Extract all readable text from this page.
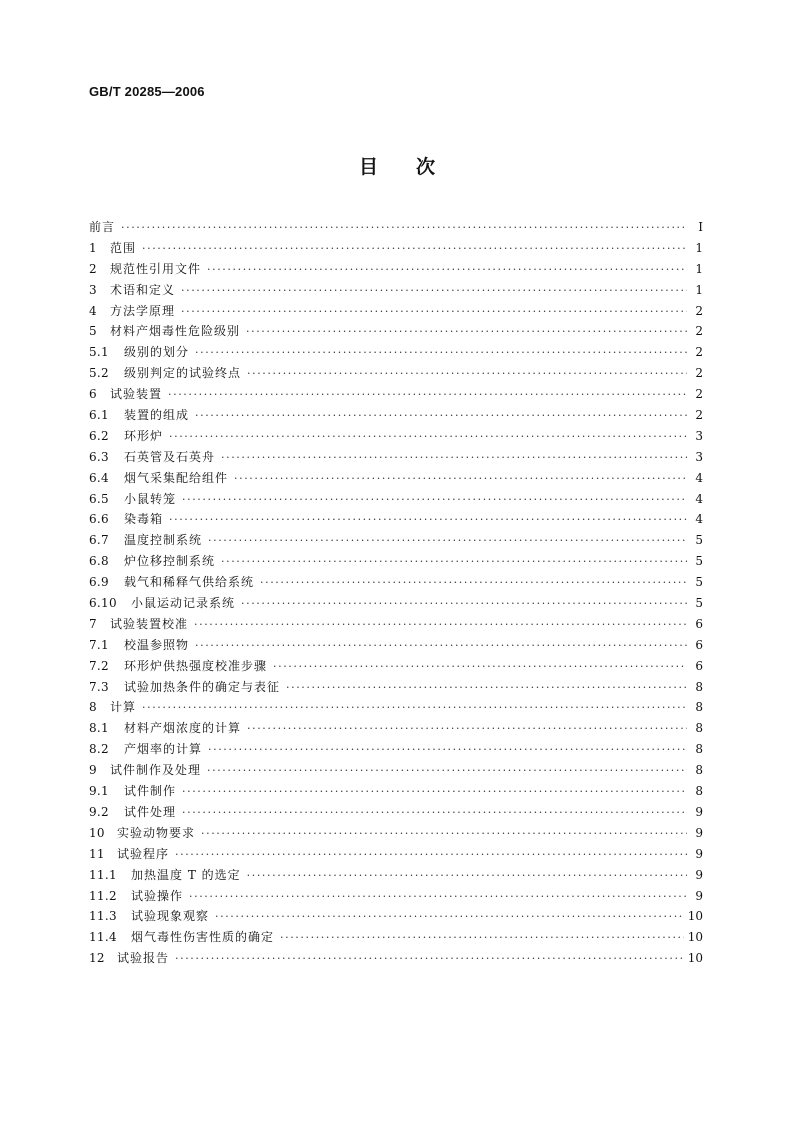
GB/T 20285—2006
目 次
前言 ·····	I
1	范围 ·····	1
2	规范性引用文件 ·····	1
3	术语和定义 ·····	1
4	方法学原理 ·····	2
5	材料产烟毒性危险级别 ·····	2
5.1	级别的划分 ·····	2
5.2	级别判定的试验终点 ·····	2
6	试验装置 ·····	2
6.1	装置的组成 ·····	2
6.2	环形炉 ·····	3
6.3	石英管及石英舟 ·····	3
6.4	烟气采集配给组件 ·····	4
6.5	小鼠转笼 ·····	4
6.6	染毒箱 ·····	4
6.7	温度控制系统 ·····	5
6.8	炉位移控制系统 ·····	5
6.9	载气和稀释气供给系统 ·····	5
6.10	小鼠运动记录系统 ·····	5
7	试验装置校准 ·····	6
7.1	校温参照物 ·····	6
7.2	环形炉供热强度校准步骤 ·····	6
7.3	试验加热条件的确定与表征 ·····	8
8	计算 ·····	8
8.1	材料产烟浓度的计算 ·····	8
8.2	产烟率的计算 ·····	8
9	试件制作及处理 ·····	8
9.1	试件制作 ·····	8
9.2	试件处理 ·····	9
10	实验动物要求 ·····	9
11	试验程序 ·····	9
11.1	加热温度 T 的选定 ·····	9
11.2	试验操作 ·····	9
11.3	试验现象观察 ·····	10
11.4	烟气毒性伤害性质的确定 ·····	10
12	试验报告 ·····	10
